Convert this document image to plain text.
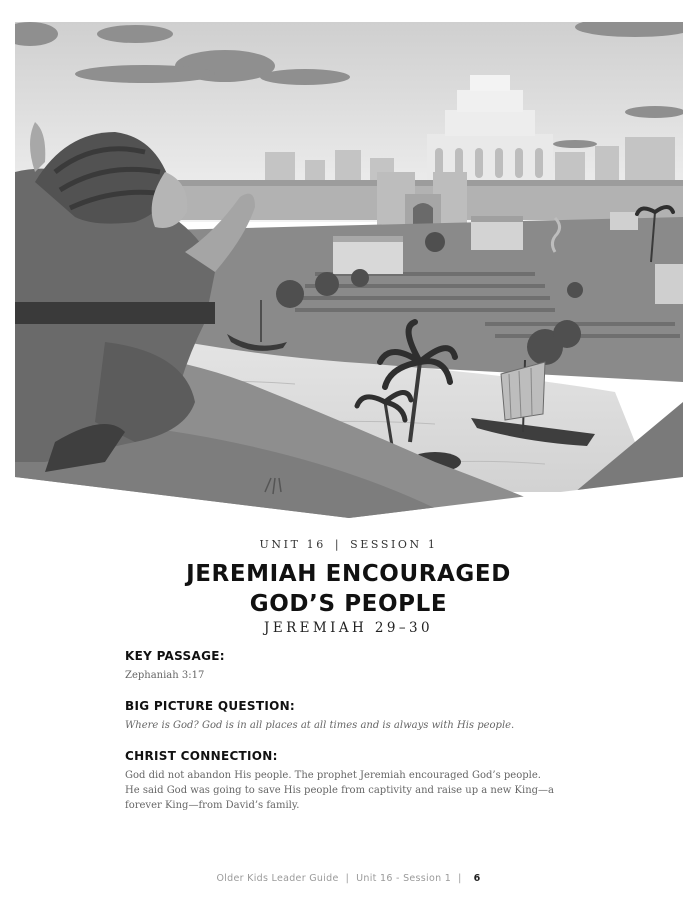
UNIT 16 | SESSION 1
JEREMIAH ENCOURAGED
GOD’S PEOPLE
JEREMIAH 29–30
KEY PASSAGE:
Zephaniah 3:17
BIG PICTURE QUESTION:
Where is God? God is in all places at all times and is always with His people.
CHRIST CONNECTION:
God did not abandon His people. The prophet Jeremiah encouraged God’s people. He said God was going to save His people from captivity and raise up a new King—a forever King—from David’s family.
Older Kids Leader Guide | Unit 16 - Session 1 | 6
